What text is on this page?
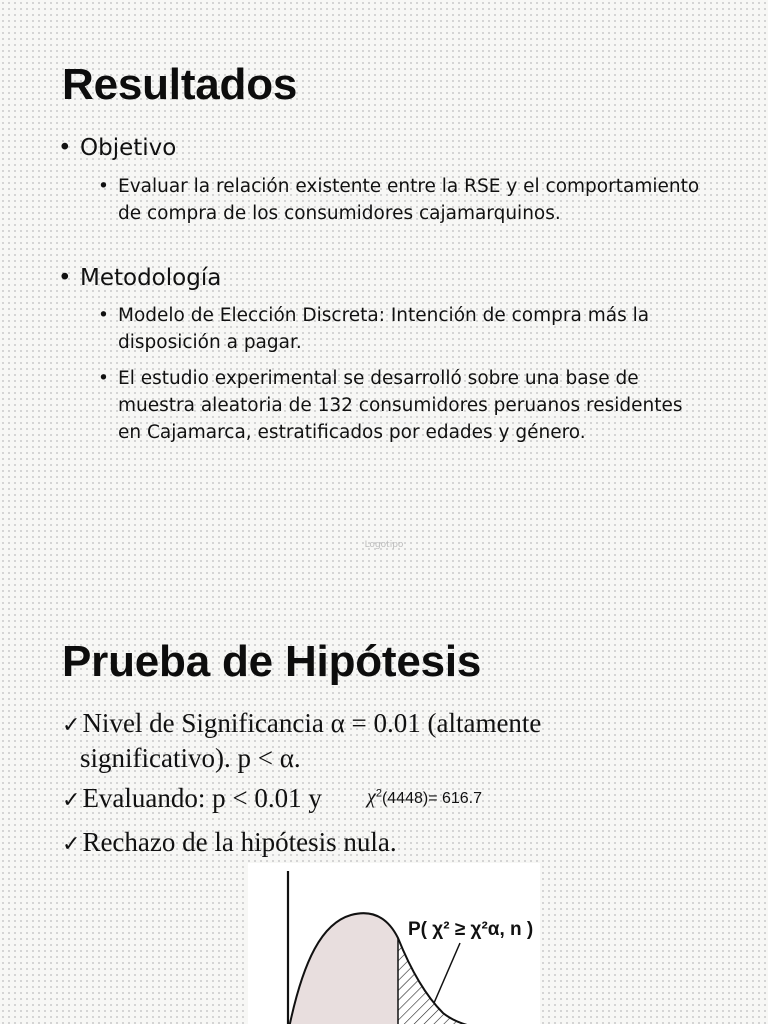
Resultados
• Objetivo
• Evaluar la relación existente entre la RSE y el comportamiento de compra de los consumidores cajamarquinos.
• Metodología
• Modelo de Elección Discreta: Intención de compra más la disposición a pagar.
• El estudio experimental se desarrolló sobre una base de muestra aleatoria de 132 consumidores peruanos residentes en Cajamarca, estratificados por edades y género.
Logotipo
Prueba de Hipótesis
✓Nivel de Significancia α = 0.01 (altamente
significativo). p < α.
✓Evaluando: p < 0.01 y $\chi^2(4448)= 616.7$
✓Rechazo de la hipótesis nula.
P( χ² ≥ χ²α, n )
